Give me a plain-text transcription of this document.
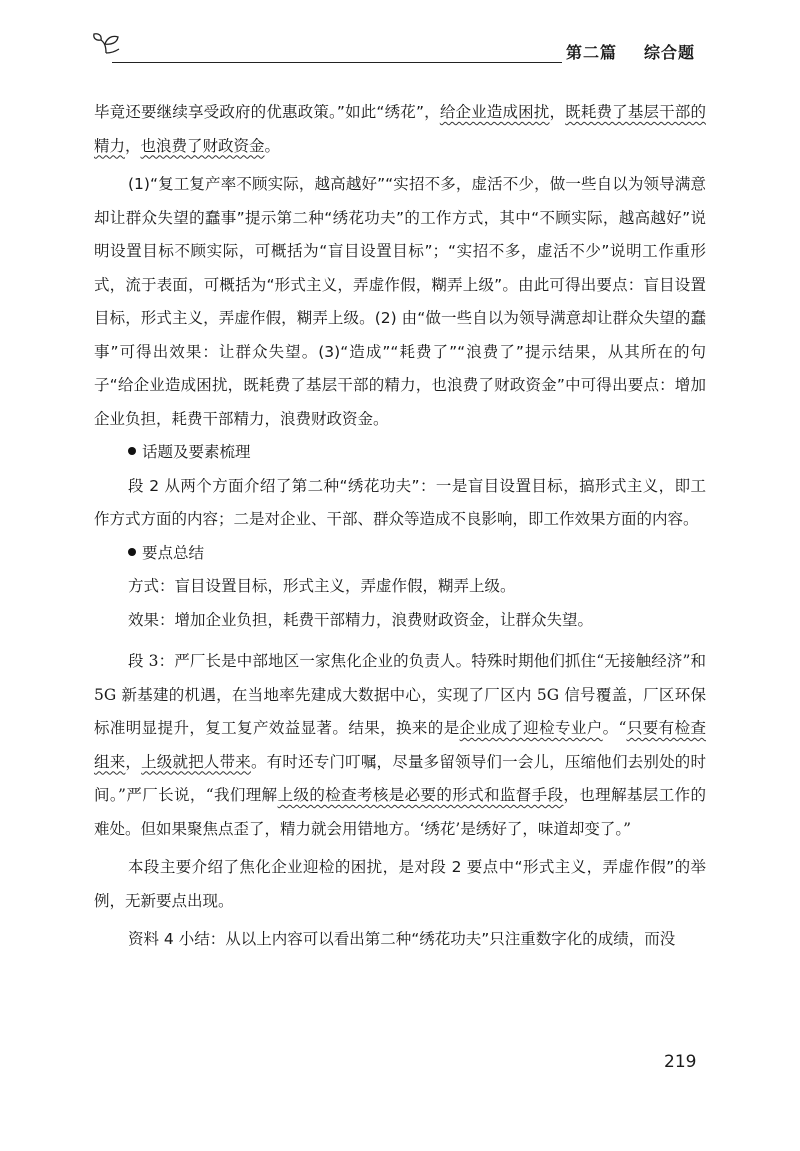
第二篇 综合题

毕竟还要继续享受政府的优惠政策。”如此“绣花”，给企业造成困扰，既耗费了基层干部的精力，也浪费了财政资金。

(1)“复工复产率不顾实际，越高越好”“实招不多，虚活不少，做一些自以为领导满意却让群众失望的蠢事”提示第二种“绣花功夫”的工作方式，其中“不顾实际，越高越好”说明设置目标不顾实际，可概括为“盲目设置目标”；“实招不多，虚活不少”说明工作重形式，流于表面，可概括为“形式主义，弄虚作假，糊弄上级”。由此可得出要点：盲目设置目标，形式主义，弄虚作假，糊弄上级。(2) 由“做一些自以为领导满意却让群众失望的蠢事”可得出效果：让群众失望。(3)“造成”“耗费了”“浪费了”提示结果，从其所在的句子“给企业造成困扰，既耗费了基层干部的精力，也浪费了财政资金”中可得出要点：增加企业负担，耗费干部精力，浪费财政资金。

话题及要素梳理

段 2 从两个方面介绍了第二种“绣花功夫”：一是盲目设置目标，搞形式主义，即工作方式方面的内容；二是对企业、干部、群众等造成不良影响，即工作效果方面的内容。

要点总结

方式：盲目设置目标，形式主义，弄虚作假，糊弄上级。

效果：增加企业负担，耗费干部精力，浪费财政资金，让群众失望。

段 3：严厂长是中部地区一家焦化企业的负责人。特殊时期他们抓住“无接触经济”和 5G 新基建的机遇，在当地率先建成大数据中心，实现了厂区内 5G 信号覆盖，厂区环保标准明显提升，复工复产效益显著。结果，换来的是企业成了迎检专业户。“只要有检查组来，上级就把人带来。有时还专门叮嘱，尽量多留领导们一会儿，压缩他们去别处的时间。”严厂长说，“我们理解上级的检查考核是必要的形式和监督手段，也理解基层工作的难处。但如果聚焦点歪了，精力就会用错地方。‘绣花’是绣好了，味道却变了。”

本段主要介绍了焦化企业迎检的困扰，是对段 2 要点中“形式主义，弄虚作假”的举例，无新要点出现。

资料 4 小结：从以上内容可以看出第二种“绣花功夫”只注重数字化的成绩，而没

219
